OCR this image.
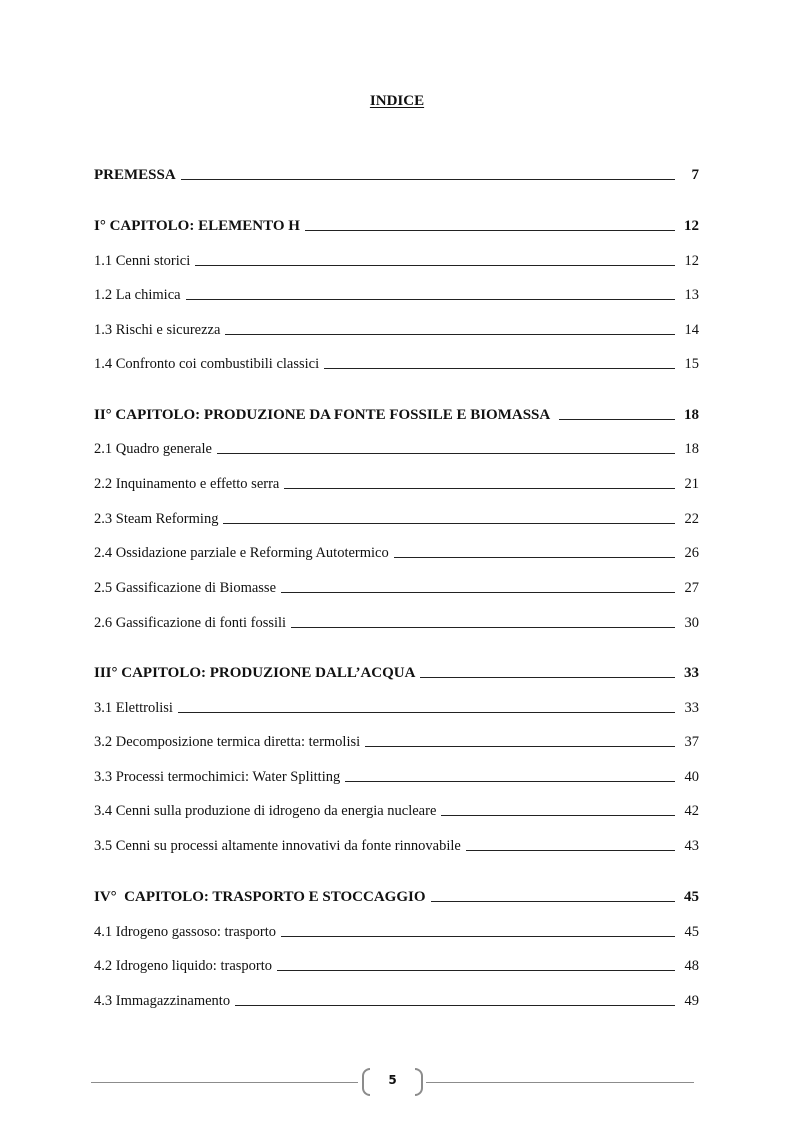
INDICE
PREMESSA	7
I° CAPITOLO: ELEMENTO H	12
1.1 Cenni storici	12
1.2 La chimica	13
1.3 Rischi e sicurezza	14
1.4 Confronto coi combustibili classici	15
II° CAPITOLO: PRODUZIONE DA FONTE FOSSILE E BIOMASSA	18
2.1 Quadro generale	18
2.2 Inquinamento e effetto serra	21
2.3 Steam Reforming	22
2.4 Ossidazione parziale e Reforming Autotermico	26
2.5 Gassificazione di Biomasse	27
2.6 Gassificazione di fonti fossili	30
III° CAPITOLO: PRODUZIONE DALL’ACQUA	33
3.1 Elettrolisi	33
3.2 Decomposizione termica diretta: termolisi	37
3.3 Processi termochimici: Water Splitting	40
3.4 Cenni sulla produzione di idrogeno da energia nucleare	42
3.5 Cenni su processi altamente innovativi da fonte rinnovabile	43
IV°  CAPITOLO: TRASPORTO E STOCCAGGIO	45
4.1 Idrogeno gassoso: trasporto	45
4.2 Idrogeno liquido: trasporto	48
4.3 Immagazzinamento	49
5
